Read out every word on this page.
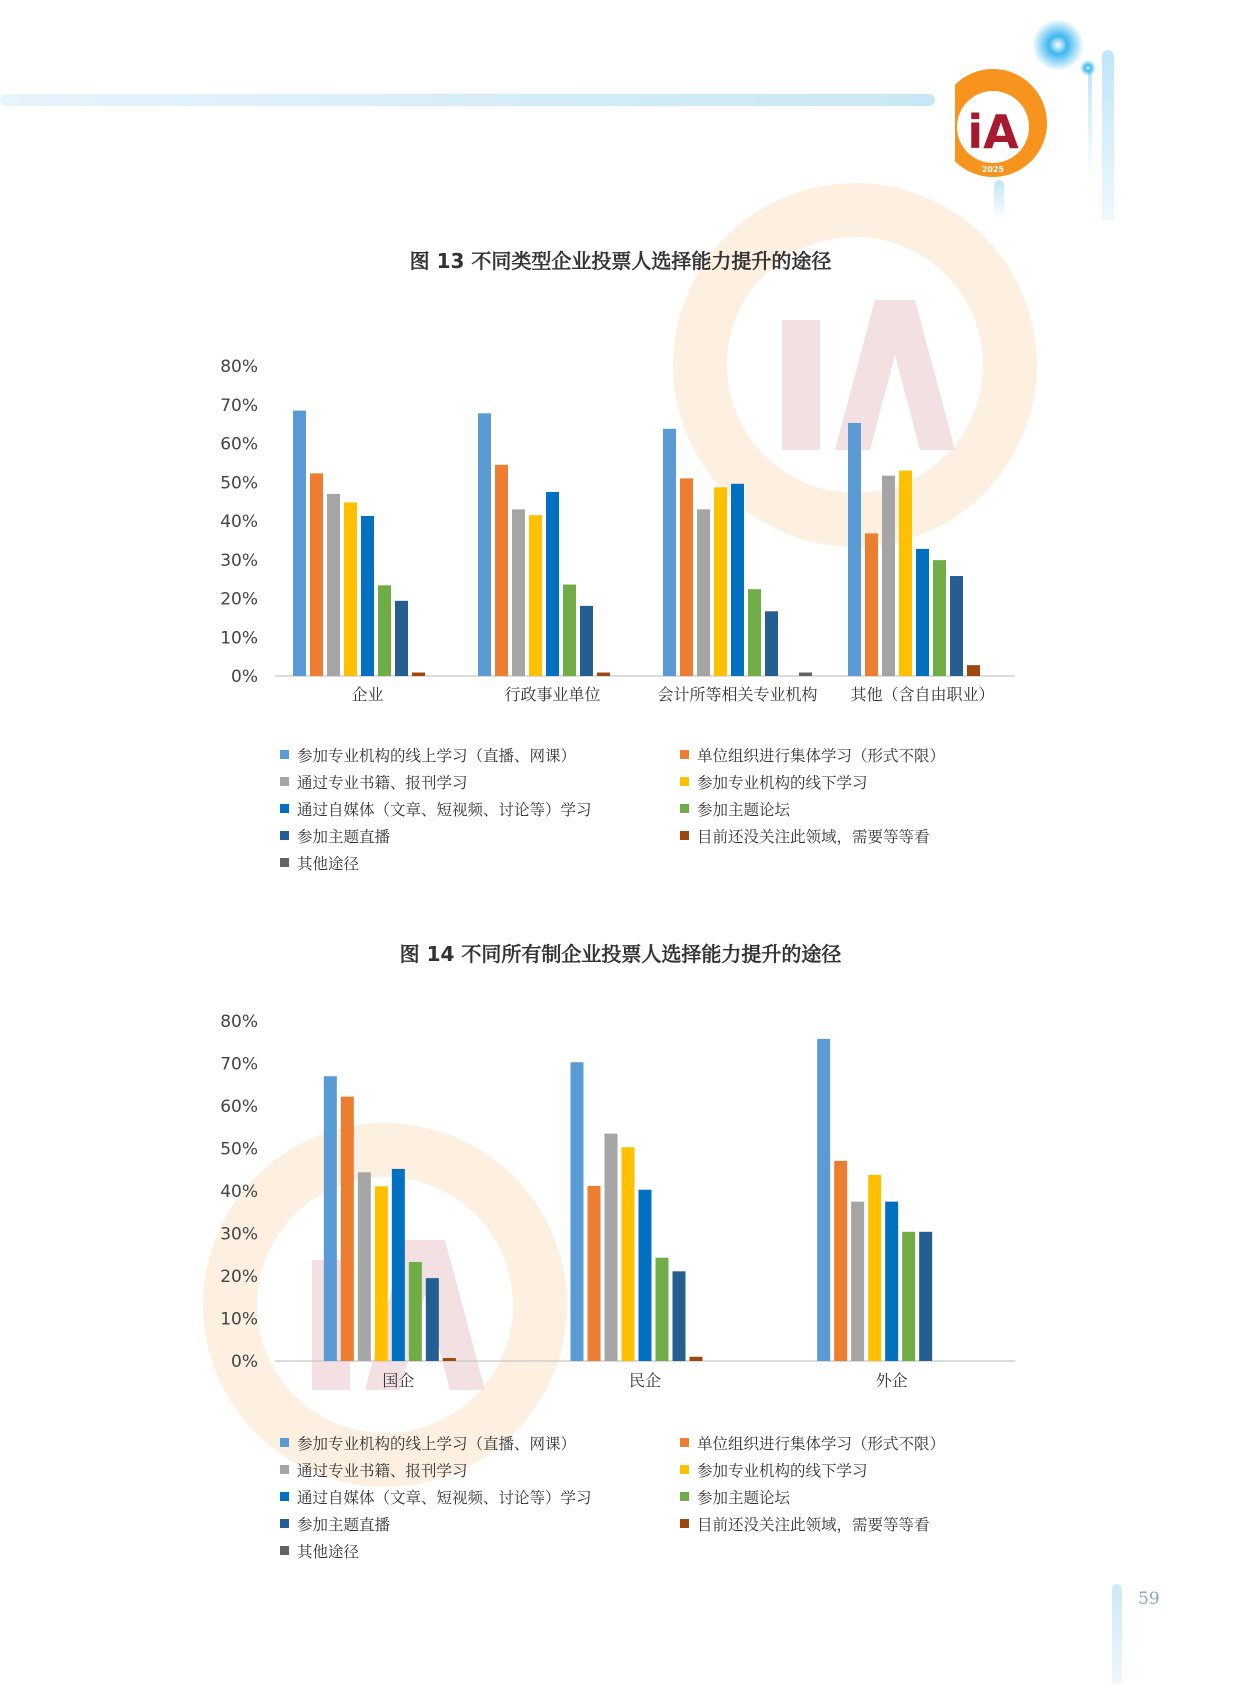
TOP
iA
2025
图 13 不同类型企业投票人选择能力提升的途径
0%
10%
20%
30%
40%
50%
60%
70%
80%
企业	行政事业单位	会计所等相关专业机构 其他（含自由职业）
参加专业机构的线上学习（直播、网课）	单位组织进行集体学习（形式不限）
通过专业书籍、报刊学习	参加专业机构的线下学习
通过自媒体（文章、短视频、讨论等）学习	参加主题论坛
参加主题直播	目前还没关注此领域，需要等等看
其他途径
图 14 不同所有制企业投票人选择能力提升的途径
0%
10%
20%
30%
40%
50%
60%
70%
80%
国企	民企	外企
参加专业机构的线上学习（直播、网课）	单位组织进行集体学习（形式不限）
通过专业书籍、报刊学习	参加专业机构的线下学习
通过自媒体（文章、短视频、讨论等）学习	参加主题论坛
参加主题直播	目前还没关注此领域，需要等等看
其他途径
59
